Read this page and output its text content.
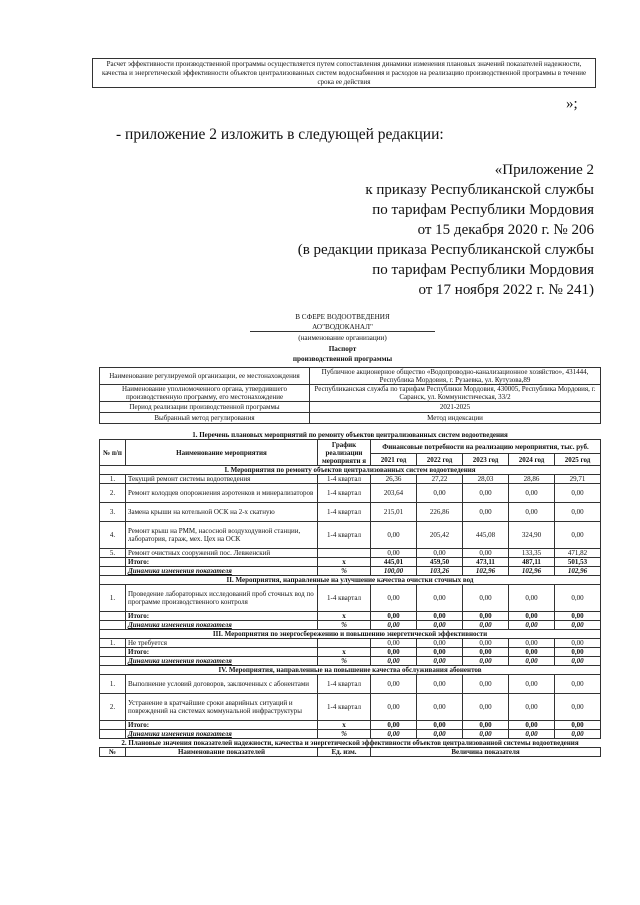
Расчет эффективности производственной программы осуществляется путем сопоставления динамики изменения плановых значений показателей надежности, качества и энергетической эффективности объектов централизованных систем водоснабжения и расходов на реализацию производственной программы в течение срока ее действия
»;
- приложение 2 изложить в следующей редакции:
«Приложение 2
к приказу Республиканской службы
по тарифам Республики Мордовия
от 15 декабря 2020 г. № 206
(в редакции приказа Республиканской службы
по тарифам Республики Мордовия
от 17 ноября 2022 г. № 241)
В СФЕРЕ ВОДООТВЕДЕНИЯ
АО"ВОДОКАНАЛ"
(наименование организации)
Паспорт
производственной программы
Наименование регулируемой организации, ее местонахождения	Публичное акционерное общество «Водопроводно-канализационное хозяйство», 431444, Республика Мордовия, г. Рузаевка, ул. Кутузова,89
Наименование уполномоченного органа, утвердившего производственную программу, его местонахождение	Республиканская служба по тарифам Республики Мордовия, 430005, Республика Мордовия, г. Саранск, ул. Коммунистическая, 33/2
Период реализации производственной программы	2021-2025
Выбранный метод регулирования	Метод индексации
1. Перечень плановых мероприятий по ремонту объектов централизованных систем водоотведения							
№ п/п	Наименование мероприятия	График реализации мероприяти я	Финансовые потребности на реализацию мероприятия, тыс. руб.				
			2021 год	2022 год	2023 год	2024 год	2025 год
I. Мероприятия по ремонту объектов централизованных систем водоотведения							
1.	Текущий ремонт системы водоотведения	1-4 квартал	26,36	27,22	28,03	28,86	29,71
2.	Ремонт колодцев опорожнения аэротенков и минерализаторов	1-4 квартал	203,64	0,00	0,00	0,00	0,00
3.	Замена крыши на котельной ОСК на 2-х скатную	1-4 квартал	215,01	226,86	0,00	0,00	0,00
4.	Ремонт крыш на РММ, насосной воздуходувной станции, лаборатория, гараж, мех. Цех на ОСК	1-4 квартал	0,00	205,42	445,08	324,90	0,00
5.	Ремонт очистных сооружений пос. Левженский		0,00	0,00	0,00	133,35	471,82
	Итого:	x	445,01	459,50	473,11	487,11	501,53
	Динамика изменения показателя	%	100,00	103,26	102,96	102,96	102,96
II. Мероприятия, направленные на улучшение качества очистки сточных вод							
1.	Проведение лабораторных исследований проб сточных вод по программе производственного контроля	1-4 квартал	0,00	0,00	0,00	0,00	0,00
	Итого:	x	0,00	0,00	0,00	0,00	0,00
	Динамика изменения показателя	%	0,00	0,00	0,00	0,00	0,00
III. Мероприятия по энергосбережению и повышению энергетической эффективности							
1.	Не требуется		0,00	0,00	0,00	0,00	0,00
	Итого:	x	0,00	0,00	0,00	0,00	0,00
	Динамика изменения показателя	%	0,00	0,00	0,00	0,00	0,00
IV. Мероприятия, направленные на повышение качества обслуживания абонентов							
1.	Выполнение условий договоров, заключенных с абонентами	1-4 квартал	0,00	0,00	0,00	0,00	0,00
2.	Устранение в кратчайшие сроки аварийных ситуаций и повреждений на системах коммунальной инфраструктуры	1-4 квартал	0,00	0,00	0,00	0,00	0,00
	Итого:	x	0,00	0,00	0,00	0,00	0,00
	Динамика изменения показателя	%	0,00	0,00	0,00	0,00	0,00
2. Плановые значения показателей надежности, качества и энергетической эффективности объектов централизованной системы водоотведения							
№	Наименование показателей	Ед. изм.	Величина показателя				
